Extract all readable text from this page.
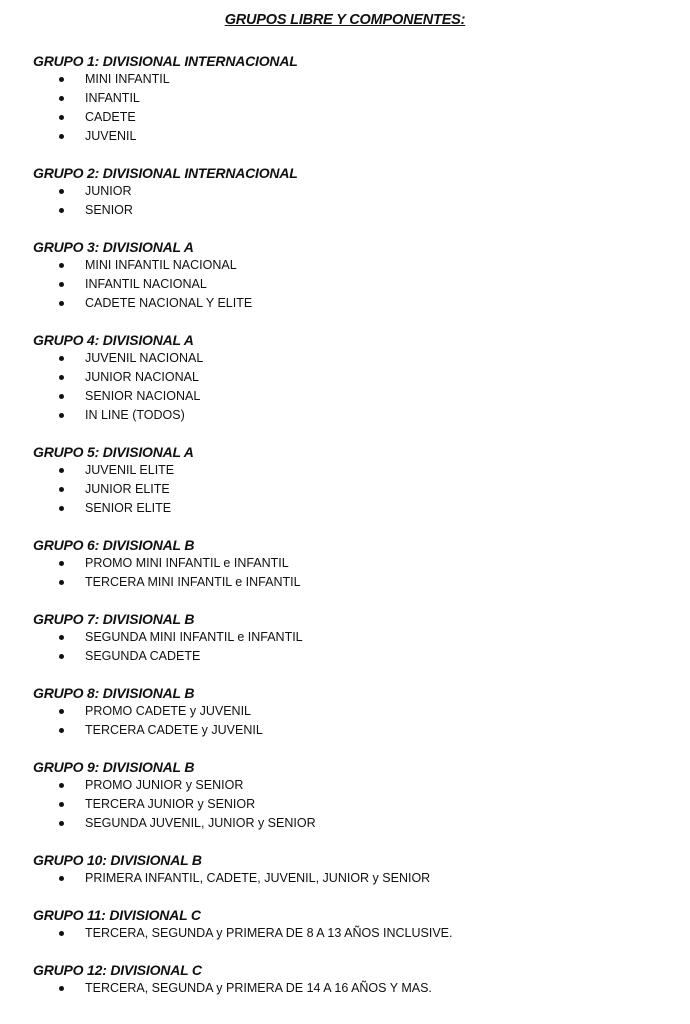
GRUPOS LIBRE Y COMPONENTES:
GRUPO 1: DIVISIONAL INTERNACIONAL
MINI INFANTIL
INFANTIL
CADETE
JUVENIL
GRUPO 2: DIVISIONAL INTERNACIONAL
JUNIOR
SENIOR
GRUPO 3: DIVISIONAL A
MINI INFANTIL NACIONAL
INFANTIL NACIONAL
CADETE NACIONAL Y ELITE
GRUPO 4: DIVISIONAL A
JUVENIL NACIONAL
JUNIOR NACIONAL
SENIOR NACIONAL
IN LINE (TODOS)
GRUPO 5: DIVISIONAL A
JUVENIL ELITE
JUNIOR ELITE
SENIOR ELITE
GRUPO 6: DIVISIONAL B
PROMO MINI INFANTIL e INFANTIL
TERCERA MINI INFANTIL e INFANTIL
GRUPO 7: DIVISIONAL B
SEGUNDA MINI INFANTIL e INFANTIL
SEGUNDA CADETE
GRUPO 8: DIVISIONAL B
PROMO CADETE y JUVENIL
TERCERA CADETE y JUVENIL
GRUPO 9: DIVISIONAL B
PROMO JUNIOR y SENIOR
TERCERA JUNIOR y SENIOR
SEGUNDA JUVENIL, JUNIOR y SENIOR
GRUPO 10: DIVISIONAL B
PRIMERA INFANTIL, CADETE, JUVENIL, JUNIOR y SENIOR
GRUPO 11: DIVISIONAL C
TERCERA, SEGUNDA y PRIMERA DE 8 A 13 AÑOS INCLUSIVE.
GRUPO 12: DIVISIONAL C
TERCERA, SEGUNDA y PRIMERA DE 14 A 16 AÑOS Y MAS.
